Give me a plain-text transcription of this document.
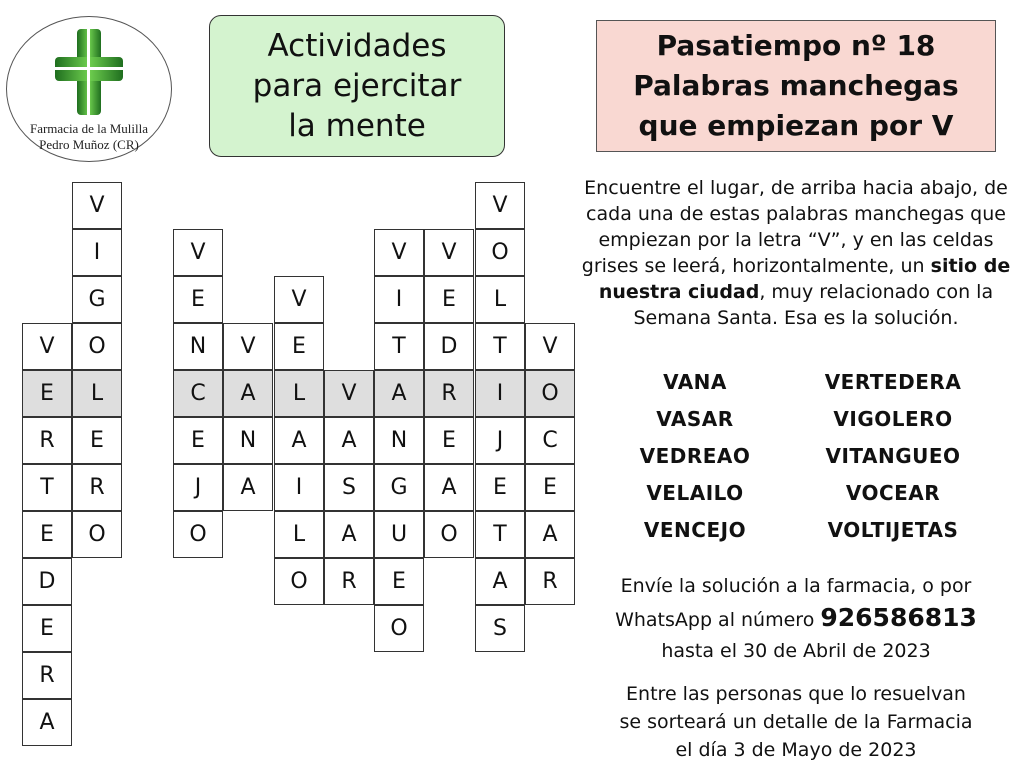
Farmacia de la Mulilla
Pedro Muñoz (CR)
Actividades
para ejercitar
la mente
Pasatiempo nº 18
Palabras manchegas
que empiezan por V
V
E
R
T
E
D
E
R
A
V
I
G
O
L
E
R
O
V
E
N
C
E
J
O
V
A
N
A
V
E
L
A
I
L
O
V
A
S
A
R
V
I
T
A
N
G
U
E
O
V
E
D
R
E
A
O
V
O
L
T
I
J
E
T
A
S
V
O
C
E
A
R
Encuentre el lugar, de arriba hacia abajo, de cada una de estas palabras manchegas que empiezan por la letra “V”, y en las celdas grises se leerá, horizontalmente, un sitio de nuestra ciudad, muy relacionado con la Semana Santa. Esa es la solución.
VANA
VASAR
VEDREAO
VELAILO
VENCEJO
VERTEDERA
VIGOLERO
VITANGUEO
VOCEAR
VOLTIJETAS
Envíe la solución a la farmacia, o por
WhatsApp al número 926586813
hasta el 30 de Abril de 2023
Entre las personas que lo resuelvan
se sorteará un detalle de la Farmacia
el día 3 de Mayo de 2023
